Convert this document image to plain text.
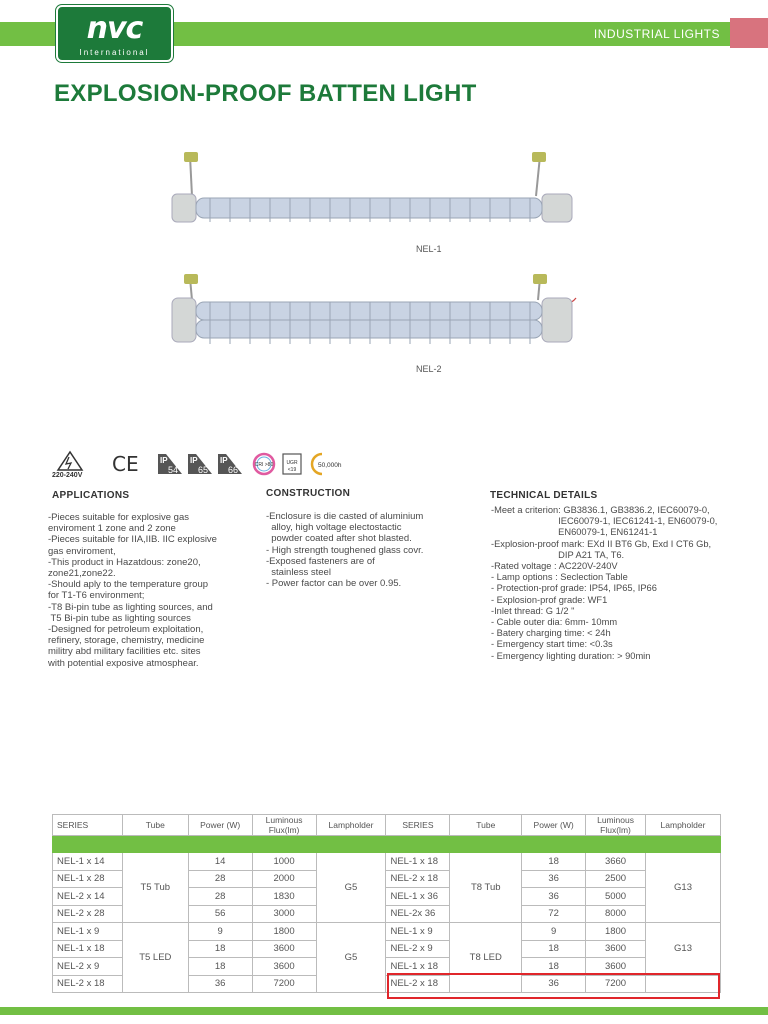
INDUSTRIAL LIGHTS
nvc
International
EXPLOSION-PROOF BATTEN LIGHT
NEL-1
NEL-2
220-240V CE	IP
54
IP
65
IP
66	CRI >80	UGR
<19
50,000h
APPLICATIONS
-Pieces suitable for explosive gas
enviroment 1 zone and 2 zone
-Pieces suitable for IIA,IIB. IIC explosive
gas enviroment,
-This product in Hazatdous: zone20,
zone21,zone22.
-Should aply to the temperature group
for T1-T6 environment;
-T8 Bi-pin tube as lighting sources, and
T5 Bi-pin tube as lighting sources
-Designed for petroleum exploitation,
refinery, storage, chemistry, medicine
militry abd military facilities etc. sites
with potential exposive atmosphear.
CONSTRUCTION
-Enclosure is die casted of aluminium
alloy, high voltage electostactic
powder coated after shot blasted.
- High strength toughened glass covr.
-Exposed fasteners are of
stainless steel
- Power factor can be over 0.95.
TECHNICAL DETAILS
-Meet a criterion: GB3836.1, GB3836.2, IEC60079-0,
IEC60079-1, IEC61241-1, EN60079-0,
EN60079-1, EN61241-1
-Explosion-proof mark: EXd II BT6 Gb, Exd I CT6 Gb,
DIP A21 TA, T6.
-Rated voltage : AC220V-240V
- Lamp options : Seclection Table
- Protection-prof grade: IP54, IP65, IP66
- Explosion-prof grade: WF1
-Inlet thread: G 1/2 "
- Cable outer dia: 6mm- 10mm
- Batery charging time: < 24h
- Emergency start time: <0.3s
- Emergency lighting duration: > 90min
SERIES	Tube	Power (W)	Luminous Flux(lm)	Lampholder	SERIES	Tube	Power (W)	Luminous Flux(lm)	Lampholder

NEL-1 x 14	T5 Tub	14	1000	G5	NEL-1 x 18	T8 Tub	18	3660	G13
NEL-1 x 28		28	2000		NEL-2 x 18		36	2500	
NEL-2 x 14		28	1830		NEL-1 x 36		36	5000	
NEL-2 x 28		56	3000		NEL-2x 36		72	8000	
NEL-1 x 9	T5 LED	9	1800	G5	NEL-1 x 9	T8 LED	9	1800	G13
NEL-1 x 18		18	3600		NEL-2 x 9		18	3600	
NEL-2 x 9		18	3600		NEL-1 x 18		18	3600	
NEL-2 x 18		36	7200		NEL-2 x 18		36	7200	
